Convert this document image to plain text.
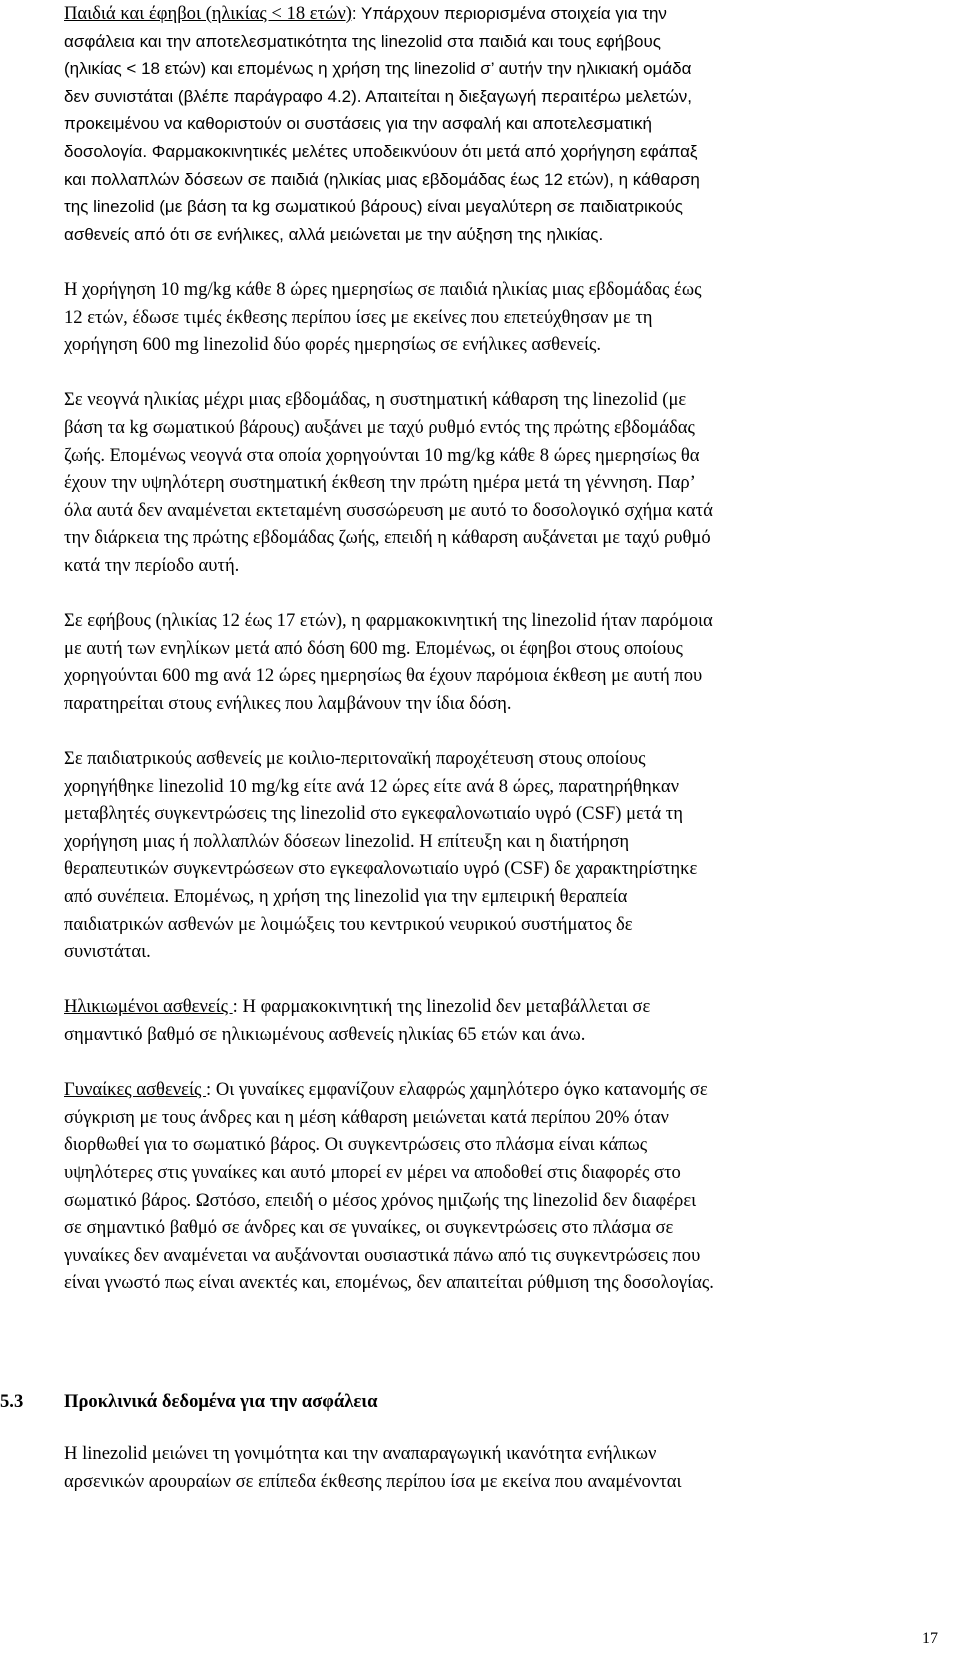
Παιδιά και έφηβοι (ηλικίας < 18 ετών): Υπάρχουν περιορισμένα στοιχεία για την

ασφάλεια και την αποτελεσματικότητα της linezolid στα παιδιά και τους εφήβους

(ηλικίας < 18 ετών) και επομένως η χρήση της linezolid σ’ αυτήν την ηλικιακή ομάδα

δεν συνιστάται (βλέπε παράγραφο 4.2). Απαιτείται η διεξαγωγή περαιτέρω μελετών,

προκειμένου να καθοριστούν οι συστάσεις για την ασφαλή και αποτελεσματική

δοσολογία. Φαρμακοκινητικές μελέτες υποδεικνύουν ότι μετά από χορήγηση εφάπαξ

και πολλαπλών δόσεων σε παιδιά (ηλικίας μιας εβδομάδας έως 12 ετών), η κάθαρση

της linezolid (με βάση τα kg σωματικού βάρους) είναι μεγαλύτερη σε παιδιατρικούς

ασθενείς από ότι σε ενήλικες, αλλά μειώνεται με την αύξηση της ηλικίας.

Η χορήγηση 10 mg/kg κάθε 8 ώρες ημερησίως σε παιδιά ηλικίας μιας εβδομάδας έως

12 ετών, έδωσε τιμές έκθεσης περίπου ίσες με εκείνες που επετεύχθησαν με τη

χορήγηση 600 mg linezolid δύο φορές ημερησίως σε ενήλικες ασθενείς.

Σε νεογνά ηλικίας μέχρι μιας εβδομάδας, η συστηματική κάθαρση της linezolid (με

βάση τα kg σωματικού βάρους) αυξάνει με ταχύ ρυθμό εντός της πρώτης εβδομάδας

ζωής. Επομένως νεογνά στα οποία χορηγούνται 10 mg/kg κάθε 8 ώρες ημερησίως θα

έχουν την υψηλότερη συστηματική έκθεση την πρώτη ημέρα μετά τη γέννηση. Παρ’

όλα αυτά δεν αναμένεται εκτεταμένη συσσώρευση με αυτό το δοσολογικό σχήμα κατά

την διάρκεια της πρώτης εβδομάδας ζωής, επειδή η κάθαρση αυξάνεται με ταχύ ρυθμό

κατά την περίοδο αυτή.

Σε εφήβους (ηλικίας 12 έως 17 ετών), η φαρμακοκινητική της linezolid ήταν παρόμοια

με αυτή των ενηλίκων μετά από δόση 600 mg. Επομένως, οι έφηβοι στους οποίους

χορηγούνται 600 mg ανά 12 ώρες ημερησίως θα έχουν παρόμοια έκθεση με αυτή που

παρατηρείται στους ενήλικες που λαμβάνουν την ίδια δόση.

Σε παιδιατρικούς ασθενείς με κοιλιο-περιτοναϊκή παροχέτευση στους οποίους

χορηγήθηκε linezolid 10 mg/kg είτε ανά 12 ώρες είτε ανά 8 ώρες, παρατηρήθηκαν

μεταβλητές συγκεντρώσεις της linezolid στο εγκεφαλονωτιαίο υγρό (CSF) μετά τη

χορήγηση μιας ή πολλαπλών δόσεων linezolid. Η επίτευξη και η διατήρηση

θεραπευτικών συγκεντρώσεων στο εγκεφαλονωτιαίο υγρό (CSF) δε χαρακτηρίστηκε

από συνέπεια. Επομένως, η χρήση της linezolid για την εμπειρική θεραπεία

παιδιατρικών ασθενών με λοιμώξεις του κεντρικού νευρικού συστήματος δε

συνιστάται.

Ηλικιωμένοι ασθενείς : Η φαρμακοκινητική της linezolid δεν μεταβάλλεται σε

σημαντικό βαθμό σε ηλικιωμένους ασθενείς ηλικίας 65 ετών και άνω.

Γυναίκες ασθενείς : Οι γυναίκες εμφανίζουν ελαφρώς χαμηλότερο όγκο κατανομής σε

σύγκριση με τους άνδρες και η μέση κάθαρση μειώνεται κατά περίπου 20% όταν

διορθωθεί για το σωματικό βάρος. Οι συγκεντρώσεις στο πλάσμα είναι κάπως

υψηλότερες στις γυναίκες και αυτό μπορεί εν μέρει να αποδοθεί στις διαφορές στο

σωματικό βάρος. Ωστόσο, επειδή ο μέσος χρόνος ημιζωής της linezolid δεν διαφέρει

σε σημαντικό βαθμό σε άνδρες και σε γυναίκες, οι συγκεντρώσεις στο πλάσμα σε

γυναίκες δεν αναμένεται να αυξάνονται ουσιαστικά πάνω από τις συγκεντρώσεις που

είναι γνωστό πως είναι ανεκτές και, επομένως, δεν απαιτείται ρύθμιση της δοσολογίας.

5.3 Προκλινικά δεδομένα για την ασφάλεια

Η linezolid μειώνει τη γονιμότητα και την αναπαραγωγική ικανότητα ενήλικων

αρσενικών αρουραίων σε επίπεδα έκθεσης περίπου ίσα με εκείνα που αναμένονται

17
